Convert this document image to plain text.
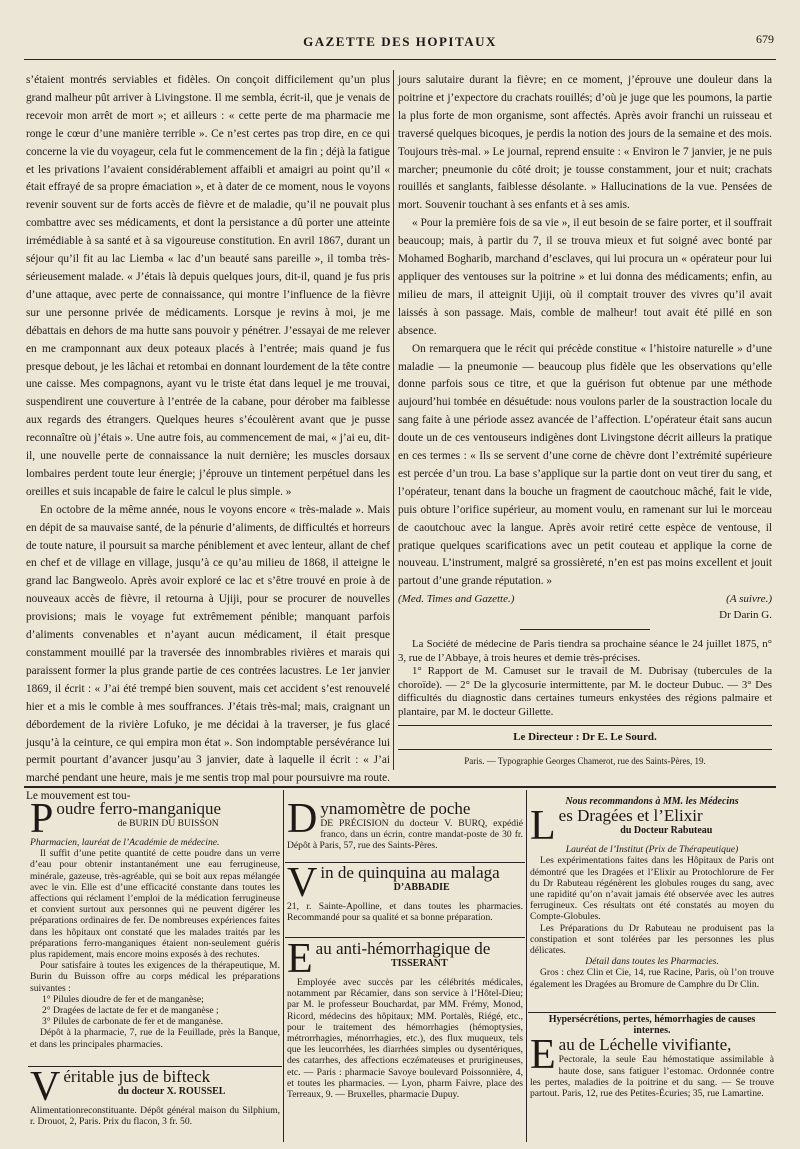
GAZETTE DES HOPITAUX	679

s’étaient montrés serviables et fidèles. On conçoit difficilement qu’un plus grand malheur pût arriver à Livingstone. Il me sembla, écrit-il, que je venais de recevoir mon arrêt de mort »; et ailleurs : « cette perte de ma pharmacie me ronge le cœur d’une manière terrible ». Ce n’est certes pas trop dire, en ce qui concerne la vie du voyageur, cela fut le commencement de la fin ; déjà la fatigue et les privations l’avaient considérablement affaibli et amaigri au point qu’il « était effrayé de sa propre émaciation », et à dater de ce moment, nous le voyons revenir souvent sur de forts accès de fièvre et de maladie, qu’il ne pouvait plus combattre avec ses médicaments, et dont la persistance a dû porter une atteinte irrémédiable à sa santé et à sa vigoureuse constitution. En avril 1867, durant un séjour qu’il fit au lac Liemba « lac d’un beauté sans pareille », il tomba très-sérieusement malade. « J’étais là depuis quelques jours, dit-il, quand je fus pris d’une attaque, avec perte de connaissance, qui montre l’influence de la fièvre sur une personne privée de médicaments. Lorsque je revins à moi, je me débattais en dehors de ma hutte sans pouvoir y pénétrer. J’essayai de me relever en me cramponnant aux deux poteaux placés à l’entrée; mais quand je fus presque debout, je les lâchai et retombai en donnant lourdement de la tête contre une caisse. Mes compagnons, ayant vu le triste état dans lequel je me trouvai, suspendirent une couverture à l’entrée de la cabane, pour dérober ma faiblesse aux regards des étrangers. Quelques heures s’écoulèrent avant que je pusse reconnaître où j’étais ». Une autre fois, au commencement de mai, « j’ai eu, dit-il, une nouvelle perte de connaissance la nuit dernière; les muscles dorsaux lombaires perdent toute leur énergie; j’éprouve un tintement perpétuel dans les oreilles et suis incapable de faire le calcul le plus simple. »

En octobre de la même année, nous le voyons encore « très-malade ». Mais en dépit de sa mauvaise santé, de la pénurie d’aliments, de difficultés et horreurs de toute nature, il poursuit sa marche péniblement et avec lenteur, allant de chef en chef et de village en village, jusqu’à ce qu’au milieu de 1868, il atteigne le grand lac Bangweolo. Après avoir exploré ce lac et s’être trouvé en proie à de nouveaux accès de fièvre, il retourna à Ujiji, pour se procurer de nouvelles provisions; mais le voyage fut extrêmement pénible; manquant parfois d’aliments convenables et n’ayant aucun médicament, il était presque constamment mouillé par la traversée des innombrables rivières et marais qui paraissent former la plus grande partie de ces contrées lacustres. Le 1er janvier 1869, il écrit : « J’ai été trempé bien souvent, mais cet accident s’est renouvelé hier et a mis le comble à mes souffrances. J’étais très-mal; mais, craignant un débordement de la rivière Lofuko, je me décidai à la traverser, je fus glacé jusqu’à la ceinture, ce qui empira mon état ». Son indomptable persévérance lui permit pourtant d’avancer jusqu’au 3 janvier, date à laquelle il écrit : « J’ai marché pendant une heure, mais je me sentis trop mal pour poursuivre ma route. Le mouvement est tou-

jours salutaire durant la fièvre; en ce moment, j’éprouve une douleur dans la poitrine et j’expectore du crachats rouillés; d’où je juge que les poumons, la partie la plus forte de mon organisme, sont affectés. Après avoir franchi un ruisseau et traversé quelques bicoques, je perdis la notion des jours de la semaine et des mois. Toujours très-mal. » Le journal, reprend ensuite : « Environ le 7 janvier, je ne puis marcher; pneumonie du côté droit; je tousse constamment, jour et nuit; crachats rouillés et sanglants, faiblesse désolante. » Hallucinations de la vue. Pensées de mort. Souvenir touchant à ses enfants et à ses amis.

« Pour la première fois de sa vie », il eut besoin de se faire porter, et il souffrait beaucoup; mais, à partir du 7, il se trouva mieux et fut soigné avec bonté par Mohamed Bogharib, marchand d’esclaves, qui lui procura un « opérateur pour lui appliquer des ventouses sur la poitrine » et lui donna des médicaments; enfin, au milieu de mars, il atteignit Ujiji, où il comptait trouver des vivres qu’il avait laissés à son passage. Mais, comble de malheur! tout avait été pillé en son absence.

On remarquera que le récit qui précède constitue « l’histoire naturelle » d’une maladie — la pneumonie — beaucoup plus fidèle que les observations qu’elle donne parfois sous ce titre, et que la guérison fut obtenue par une méthode aujourd’hui tombée en désuétude: nous voulons parler de la soustraction locale du sang faite à une période assez avancée de l’affection. L’opérateur était sans aucun doute un de ces ventouseurs indigènes dont Livingstone décrit ailleurs la pratique en ces termes : « Ils se servent d’une corne de chèvre dont l’extrémité supérieure est percée d’un trou. La base s’applique sur la partie dont on veut tirer du sang, et l’opérateur, tenant dans la bouche un fragment de caoutchouc mâché, fait le vide, puis obture l’orifice supérieur, au moment voulu, en ramenant sur lui le morceau de caoutchouc avec la langue. Après avoir retiré cette espèce de ventouse, il pratique quelques scarifications avec un petit couteau et applique la corne de nouveau. L’instrument, malgré sa grossièreté, n’en est pas moins excellent et jouit partout d’une grande réputation. »

(Med. Times and Gazette.)	(A suivre.)
Dr Darin G.

La Société de médecine de Paris tiendra sa prochaine séance le 24 juillet 1875, n° 3, rue de l’Abbaye, à trois heures et demie très-précises.

1° Rapport de M. Camuset sur le travail de M. Dubrisay (tubercules de la choroïde). — 2° De la glycosurie intermittente, par M. le docteur Dubuc. — 3° Des difficultés du diagnostic dans certaines tumeurs enkystées des régions palmaire et plantaire, par M. le docteur Gillette.

Le Directeur : Dr E. Le Sourd.
Paris. — Typographie Georges Chamerot, rue des Saints-Pères, 19.
P oudre ferro-manganique
de BURIN DU BUISSON
Pharmacien, lauréat de l’Académie de médecine.
Il suffit d’une petite quantité de cette poudre dans un verre d’eau pour obtenir instantanément une eau ferrugineuse, minérale, gazeuse, très-agréable, qui se boit aux repas mélangée avec le vin. Elle est d’une efficacité constante dans toutes les affections qui réclament l’emploi de la médication ferrugineuse et convient surtout aux personnes qui ne peuvent digérer les préparations ordinaires de fer. De nombreuses expériences faites dans les hôpitaux ont constaté que les malades traités par les préparations ferro-manganiques étaient non-seulement guéris plus rapidement, mais encore moins exposés à des rechutes.
Pour satisfaire à toutes les exigences de la thérapeutique, M. Burin du Buisson offre au corps médical les préparations suivantes :
1° Pilules dioudre de fer et de manganèse;
2° Dragées de lactate de fer et de manganèse ;
3° Pilules de carbonate de fer et de manganèse.
Dépôt à la pharmacie, 7, rue de la Feuillade, près la Banque, et dans les principales pharmacies.
V éritable jus de bifteck
du docteur X. ROUSSEL
Alimentationreconstituante. Dépôt général maison du Silphium, r. Drouot, 2, Paris. Prix du flacon, 3 fr. 50.
D ynamomètre de poche
DE PRÉCISION du docteur V. BURQ, expédié franco, dans un écrin, contre mandat-poste de 30 fr. Dépôt à Paris, 57, rue des Saints-Pères.
V in de quinquina au malaga
D’ABBADIE
21, r. Sainte-Apolline, et dans toutes les pharmacies. Recommandé pour sa qualité et sa bonne préparation.
E au anti-hémorrhagique de
TISSERANT
Employée avec succès par les célébrités médicales, notamment par Récamier, dans son service à l’Hôtel-Dieu; par M. le professeur Bouchardat, par MM. Frémy, Monod, Ricord, médecins des hôpitaux; MM. Portalès, Riégé, etc., pour le traitement des hémorrhagies (hémoptysies, métrorrhagies, ménorrhagies, etc.), des flux muqueux, tels que les leucorrhées, les diarrhées simples ou dysentériques, des catarrhes, des affections eczémateuses et prurigineuses, etc. — Paris : pharmacie Savoye boulevard Poissonnière, 4, et toutes les pharmacies. — Lyon, pharm Faivre, place des Terreaux, 9. — Bruxelles, pharmacie Dupuy.
Nous recommandons à MM. les Médecins
L es Dragées et l’Elixir
du Docteur Rabuteau
Lauréat de l’Institut (Prix de Thérapeutique)
Les expérimentations faites dans les Hôpitaux de Paris ont démontré que les Dragées et l’Elixir au Protochlorure de Fer du Dr Rabuteau régénèrent les globules rouges du sang, avec une rapidité qu’on n’avait jamais été observée avec les autres ferrugineux. Ces résultats ont été constatés au moyen du Compte-Globules.
Les Préparations du Dr Rabuteau ne produisent pas la constipation et sont tolérées par les personnes les plus délicates.
Détail dans toutes les Pharmacies.
Gros : chez Clin et Cie, 14, rue Racine, Paris, où l’on trouve également les Dragées au Bromure de Camphre du Dr Clin.
Hypersécrétions, pertes, hémorrhagies de causes internes.
E au de Léchelle vivifiante,
Pectorale, la seule Eau hémostatique assimilable à haute dose, sans fatiguer l’estomac. Ordonnée contre les pertes, maladies de la poitrine et du sang. — Se trouve partout. Paris, 12, rue des Petites-Écuries; 35, rue Lamartine.
